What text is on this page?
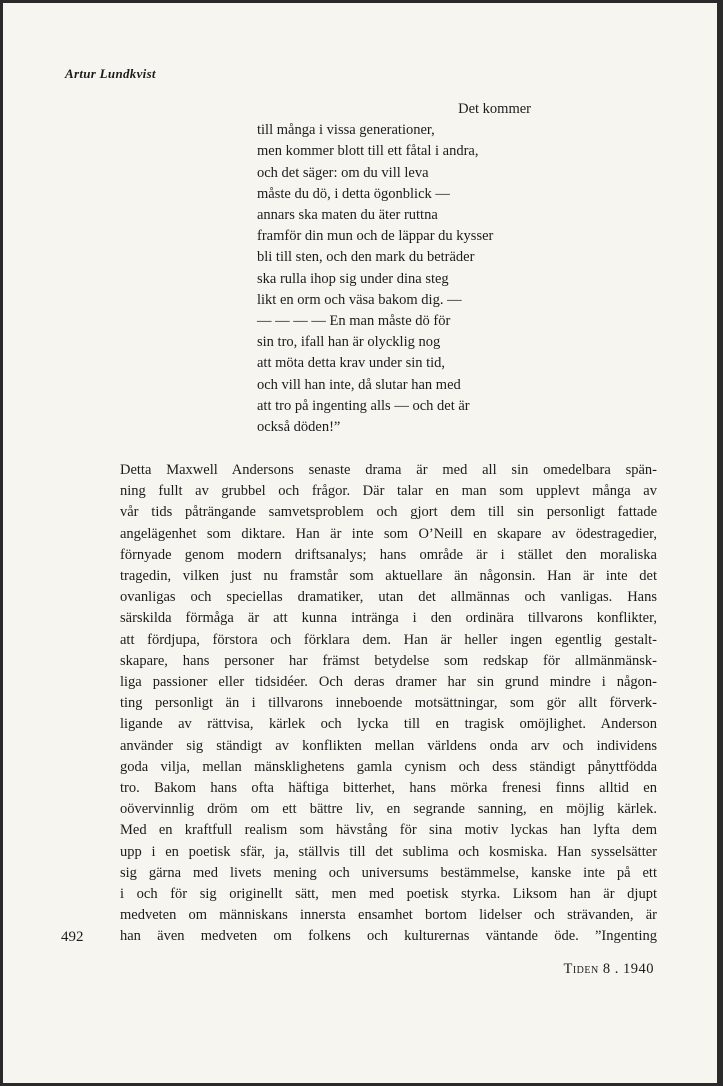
Artur Lundkvist
Det kommer
till många i vissa generationer,
men kommer blott till ett fåtal i andra,
och det säger: om du vill leva
måste du dö, i detta ögonblick —
annars ska maten du äter ruttna
framför din mun och de läppar du kysser
bli till sten, och den mark du beträder
ska rulla ihop sig under dina steg
likt en orm och väsa bakom dig. —
— — — — En man måste dö för
sin tro, ifall han är olycklig nog
att möta detta krav under sin tid,
och vill han inte, då slutar han med
att tro på ingenting alls — och det är
också döden!”
Detta Maxwell Andersons senaste drama är med all sin omedelbara spän-
ning fullt av grubbel och frågor. Där talar en man som upplevt många av
vår tids påträngande samvetsproblem och gjort dem till sin personligt fattade
angelägenhet som diktare. Han är inte som O’Neill en skapare av ödestragedier,
förnyade genom modern driftsanalys; hans område är i stället den moraliska
tragedin, vilken just nu framstår som aktuellare än någonsin. Han är inte det
ovanligas och speciellas dramatiker, utan det allmännas och vanligas. Hans
särskilda förmåga är att kunna intränga i den ordinära tillvarons konflikter,
att fördjupa, förstora och förklara dem. Han är heller ingen egentlig gestalt-
skapare, hans personer har främst betydelse som redskap för allmänmänsk-
liga passioner eller tidsidéer. Och deras dramer har sin grund mindre i någon-
ting personligt än i tillvarons inneboende motsättningar, som gör allt förverk-
ligande av rättvisa, kärlek och lycka till en tragisk omöjlighet. Anderson
använder sig ständigt av konflikten mellan världens onda arv och individens
goda vilja, mellan mänsklighetens gamla cynism och dess ständigt pånyttfödda
tro. Bakom hans ofta häftiga bitterhet, hans mörka frenesi finns alltid en
oövervinnlig dröm om ett bättre liv, en segrande sanning, en möjlig kärlek.
Med en kraftfull realism som hävstång för sina motiv lyckas han lyfta dem
upp i en poetisk sfär, ja, ställvis till det sublima och kosmiska. Han sysselsätter
sig gärna med livets mening och universums bestämmelse, kanske inte på ett
i och för sig originellt sätt, men med poetisk styrka. Liksom han är djupt
medveten om människans innersta ensamhet bortom lidelser och strävanden, är
han även medveten om folkens och kulturernas väntande öde. ”Ingenting
492
Tiden 8 . 1940
